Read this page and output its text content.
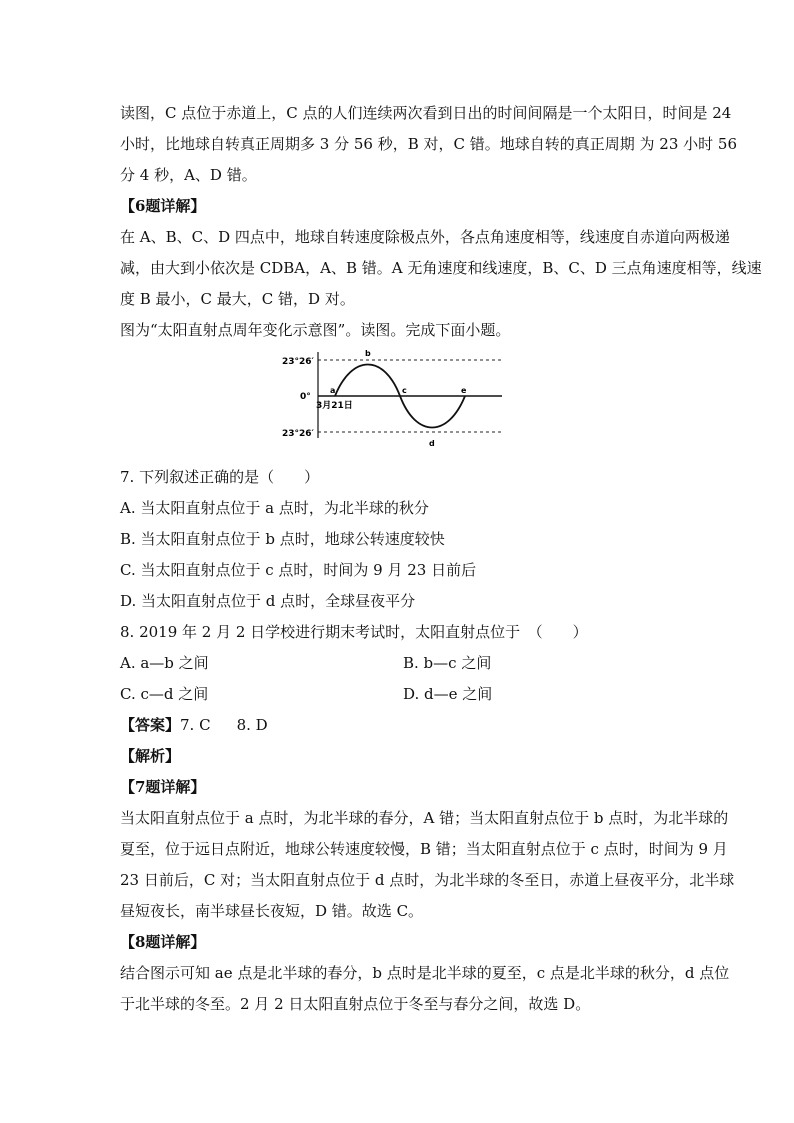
读图，C 点位于赤道上，C 点的人们连续两次看到日出的时间间隔是一个太阳日，时间是 24
小时，比地球自转真正周期多 3 分 56 秒，B 对，C 错。地球自转的真正周期 为 23 小时 56
分 4 秒，A、D 错。
【6题详解】
在 A、B、C、D 四点中，地球自转速度除极点外，各点角速度相等，线速度自赤道向两极递
减，由大到小依次是 CDBA，A、B 错。A 无角速度和线速度，B、C、D 三点角速度相等，线速
度 B 最小，C 最大，C 错，D 对。
图为“太阳直射点周年变化示意图”。读图。完成下面小题。
23°26′
0°
23°26′
3月21日
a
b
c
d
e
7. 下列叙述正确的是（　　）
A. 当太阳直射点位于 a 点时，为北半球的秋分
B. 当太阳直射点位于 b 点时，地球公转速度较快
C. 当太阳直射点位于 c 点时，时间为 9 月 23 日前后
D. 当太阳直射点位于 d 点时，全球昼夜平分
8. 2019 年 2 月 2 日学校进行期末考试时，太阳直射点位于　（　　）
A. a—b 之间	B. b—c 之间
C. c—d 之间	D. d—e 之间
【答案】7. C 8. D
【解析】
【7题详解】
当太阳直射点位于 a 点时，为北半球的春分，A 错；当太阳直射点位于 b 点时，为北半球的
夏至，位于远日点附近，地球公转速度较慢，B 错；当太阳直射点位于 c 点时，时间为 9 月
23 日前后，C 对；当太阳直射点位于 d 点时，为北半球的冬至日，赤道上昼夜平分，北半球
昼短夜长，南半球昼长夜短，D 错。故选 C。
【8题详解】
结合图示可知 ae 点是北半球的春分，b 点时是北半球的夏至，c 点是北半球的秋分，d 点位
于北半球的冬至。2 月 2 日太阳直射点位于冬至与春分之间，故选 D。
